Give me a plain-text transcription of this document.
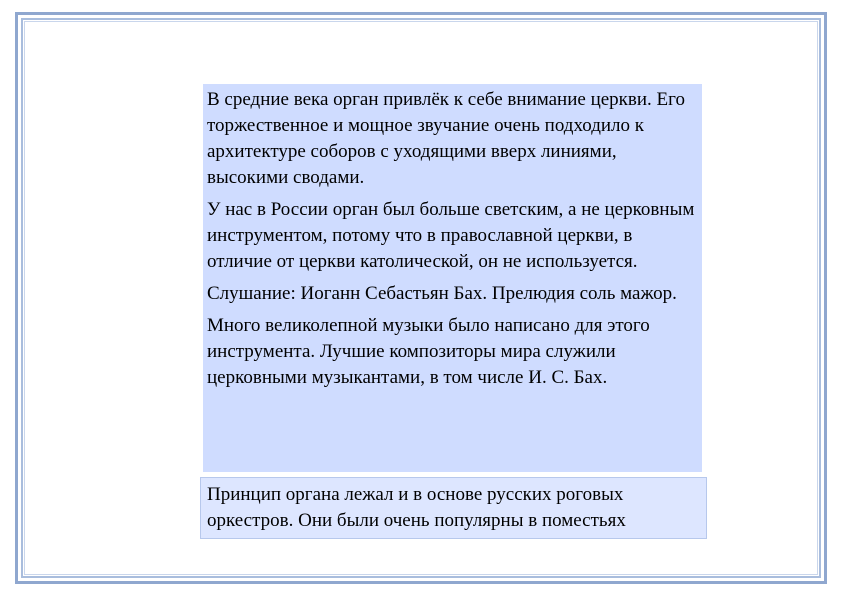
В средние века орган привлёк к себе внимание церкви. Его торжественное и мощное звучание очень подходило к архитектуре соборов с уходящими вверх линиями, высокими сводами.

У нас в России орган был больше светским, а не церковным инструментом, потому что в православной церкви, в отличие от церкви католической, он не используется.

Слушание: Иоганн Себастьян Бах. Прелюдия соль мажор.

Много великолепной музыки было написано для этого инструмента. Лучшие композиторы мира служили церковными музыкантами, в том числе И. С. Бах.

Принцип органа лежал и в основе русских роговых оркестров. Они были очень популярны в поместьях
